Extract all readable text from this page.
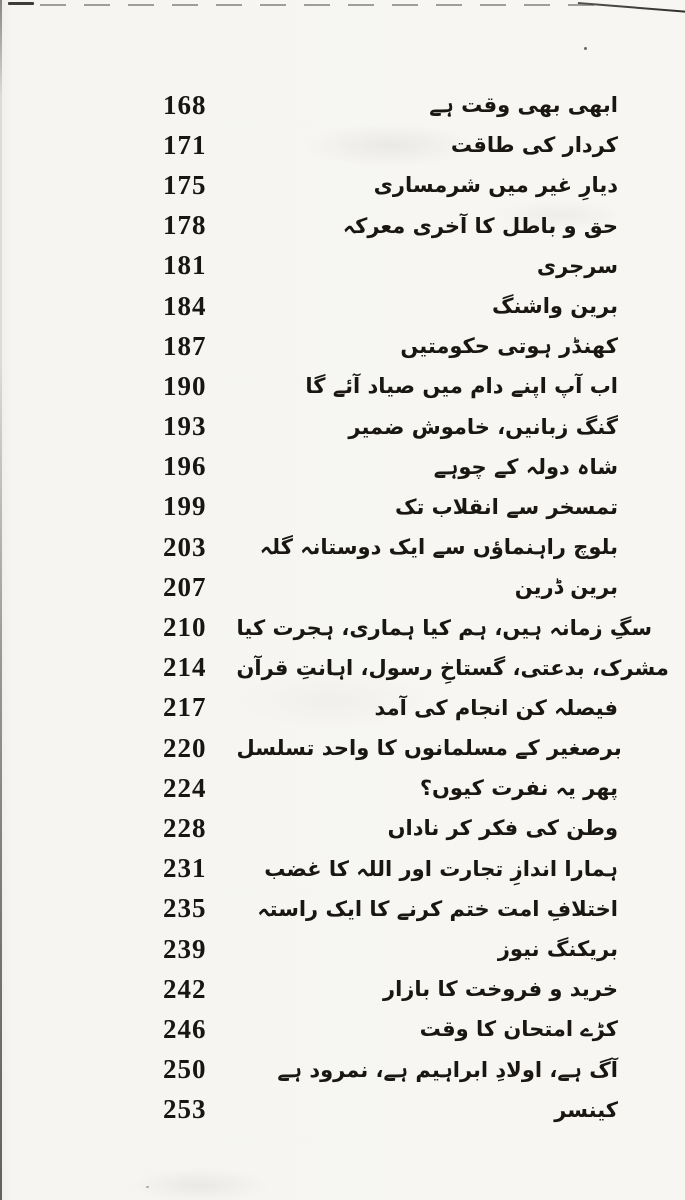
168	ابھی بھی وقت ہے
171	کردار کی طاقت
175	دیارِ غیر میں شرمساری
178	حق و باطل کا آخری معرکہ
181	سرجری
184	برین واشنگ
187	کھنڈر ہوتی حکومتیں
190	اب آپ اپنے دام میں صیاد آئے گا
193	گنگ زبانیں، خاموش ضمیر
196	شاہ دولہ کے چوہے
199	تمسخر سے انقلاب تک
203	بلوچ راہنماؤں سے ایک دوستانہ گلہ
207	برین ڈرین
210	سگِ زمانہ ہیں، ہم کیا ہماری، ہجرت کیا
214	مشرک، بدعتی، گستاخِ رسول، اہانتِ قرآن
217	فیصلہ کن انجام کی آمد
220	برصغیر کے مسلمانوں کا واحد تسلسل
224	پھر یہ نفرت کیوں؟
228	وطن کی فکر کر ناداں
231	ہمارا اندازِ تجارت اور اللہ کا غضب
235	اختلافِ امت ختم کرنے کا ایک راستہ
239	بریکنگ نیوز
242	خرید و فروخت کا بازار
246	کڑے امتحان کا وقت
250	آگ ہے، اولادِ ابراہیم ہے، نمرود ہے
253	کینسر
